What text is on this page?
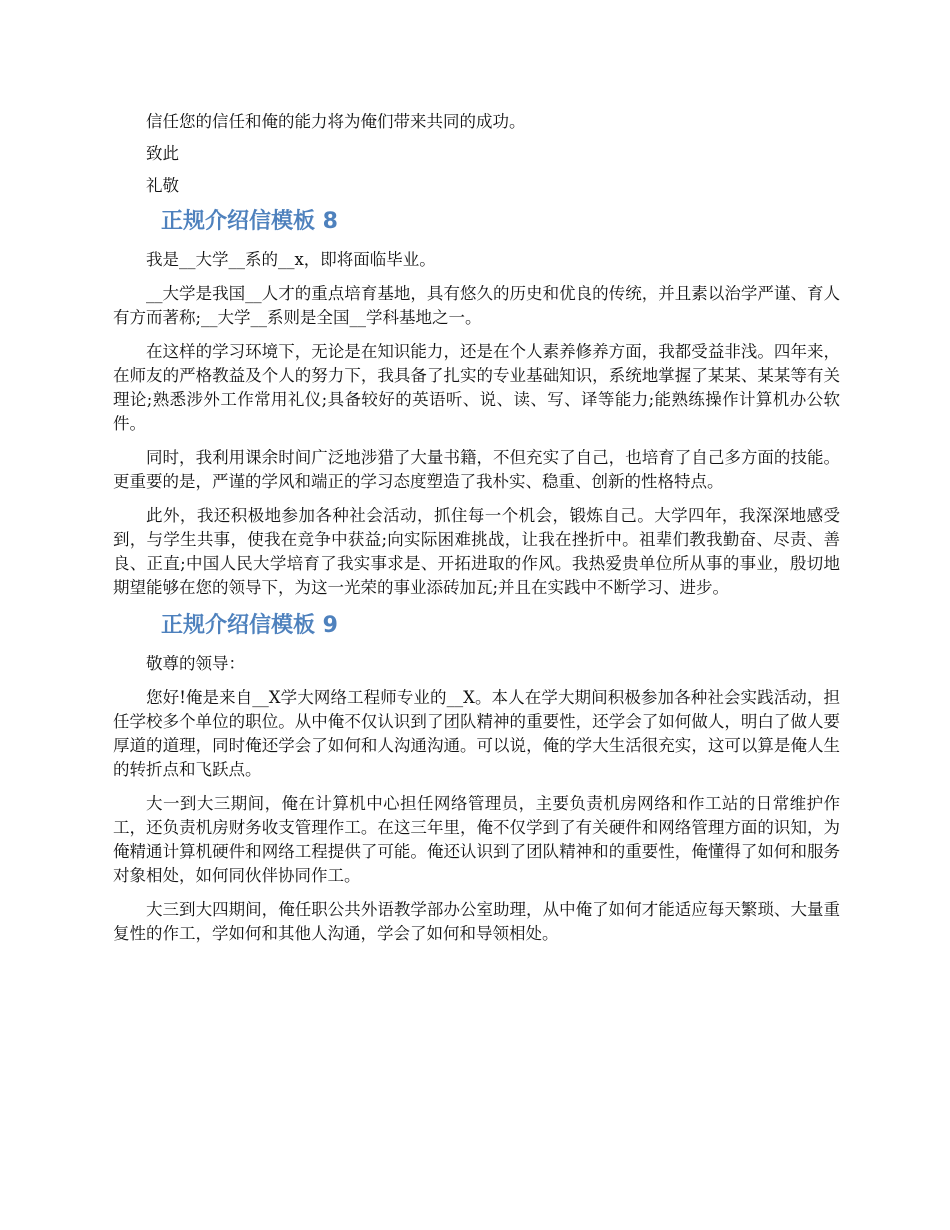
信任您的信任和俺的能力将为俺们带来共同的成功。

致此

礼敬

正规介绍信模板 8

我是__大学__系的__x，即将面临毕业。

__大学是我国__人才的重点培育基地，具有悠久的历史和优良的传统，并且素以治学严谨、育人有方而著称;__大学__系则是全国__学科基地之一。

在这样的学习环境下，无论是在知识能力，还是在个人素养修养方面，我都受益非浅。四年来，在师友的严格教益及个人的努力下，我具备了扎实的专业基础知识，系统地掌握了某某、某某等有关理论;熟悉涉外工作常用礼仪;具备较好的英语听、说、读、写、译等能力;能熟练操作计算机办公软件。

同时，我利用课余时间广泛地涉猎了大量书籍，不但充实了自己，也培育了自己多方面的技能。更重要的是，严谨的学风和端正的学习态度塑造了我朴实、稳重、创新的性格特点。

此外，我还积极地参加各种社会活动，抓住每一个机会，锻炼自己。大学四年，我深深地感受到，与学生共事，使我在竞争中获益;向实际困难挑战，让我在挫折中。祖辈们教我勤奋、尽责、善良、正直;中国人民大学培育了我实事求是、开拓进取的作风。我热爱贵单位所从事的事业，殷切地期望能够在您的领导下，为这一光荣的事业添砖加瓦;并且在实践中不断学习、进步。

正规介绍信模板 9

敬尊的领导：

您好!俺是来自__X学大网络工程师专业的__X。本人在学大期间积极参加各种社会实践活动，担任学校多个单位的职位。从中俺不仅认识到了团队精神的重要性，还学会了如何做人，明白了做人要厚道的道理，同时俺还学会了如何和人沟通沟通。可以说，俺的学大生活很充实，这可以算是俺人生的转折点和飞跃点。

大一到大三期间，俺在计算机中心担任网络管理员，主要负责机房网络和作工站的日常维护作工，还负责机房财务收支管理作工。在这三年里，俺不仅学到了有关硬件和网络管理方面的识知，为俺精通计算机硬件和网络工程提供了可能。俺还认识到了团队精神和的重要性，俺懂得了如何和服务对象相处，如何同伙伴协同作工。

大三到大四期间，俺任职公共外语教学部办公室助理，从中俺了如何才能适应每天繁琐、大量重复性的作工，学如何和其他人沟通，学会了如何和导领相处。
